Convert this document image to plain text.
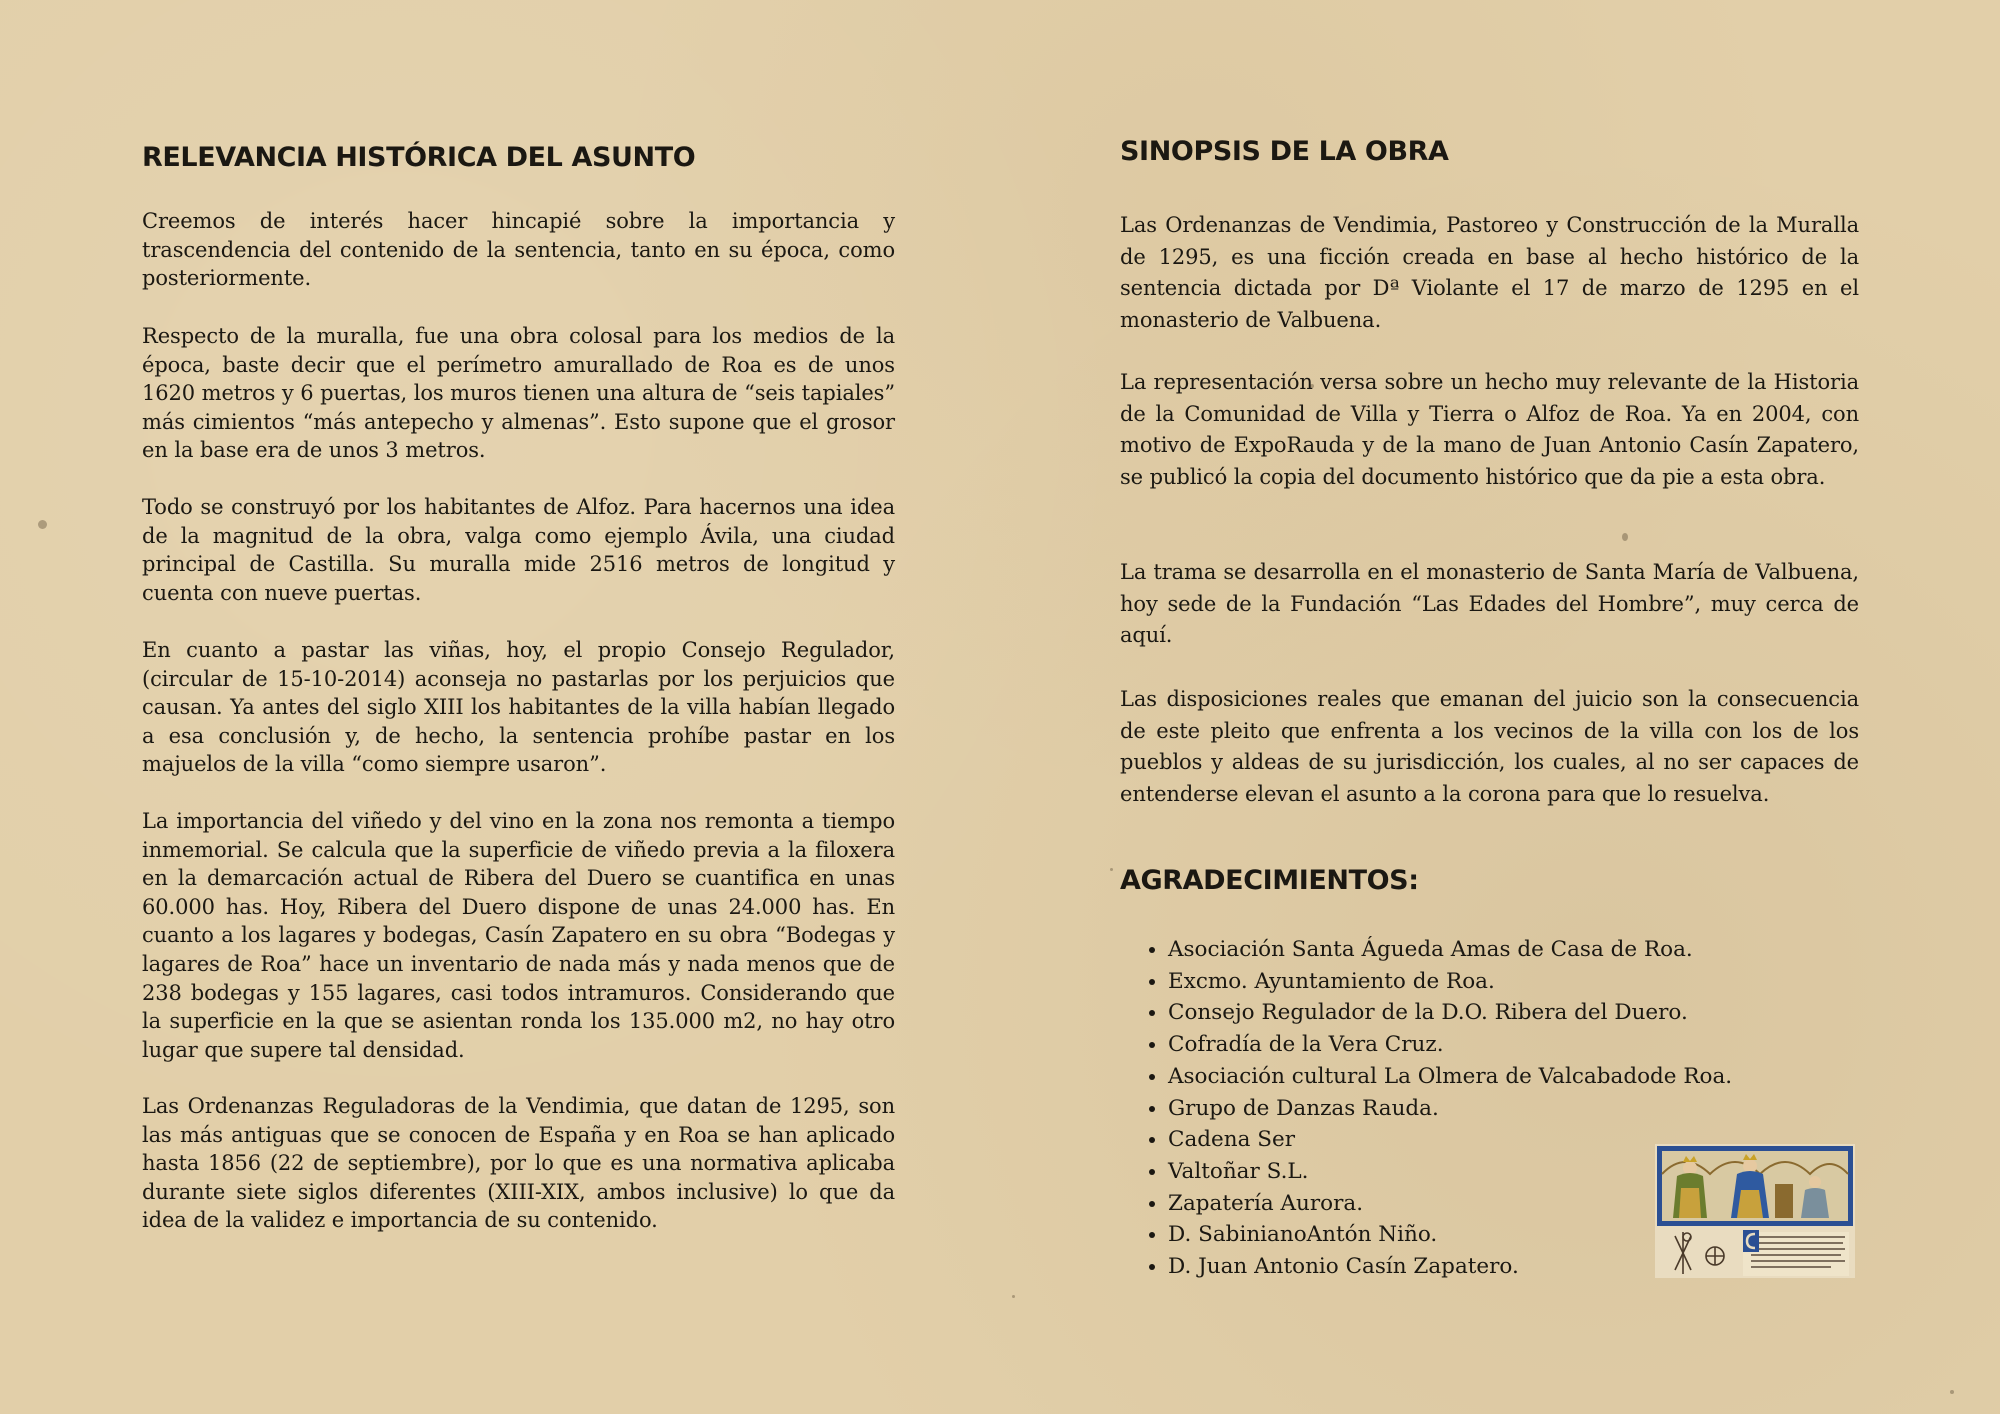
RELEVANCIA HISTÓRICA DEL ASUNTO

Creemos de interés hacer hincapié sobre la importancia y trascendencia del contenido de la sentencia, tanto en su época, como posteriormente.

Respecto de la muralla, fue una obra colosal para los medios de la época, baste decir que el perímetro amurallado de Roa es de unos 1620 metros y 6 puertas, los muros tienen una altura de “seis tapiales” más cimientos “más antepecho y almenas”. Esto supone que el grosor en la base era de unos 3 metros.

Todo se construyó por los habitantes de Alfoz. Para hacernos una idea de la magnitud de la obra, valga como ejemplo Ávila, una ciudad principal de Castilla. Su muralla mide 2516 metros de longitud y cuenta con nueve puertas.

En cuanto a pastar las viñas, hoy, el propio Consejo Regulador, (circular de 15-10-2014) aconseja no pastarlas por los perjuicios que causan. Ya antes del siglo XIII los habitantes de la villa habían llegado a esa conclusión y, de hecho, la sentencia prohíbe pastar en los majuelos de la villa “como siempre usaron”.

La importancia del viñedo y del vino en la zona nos remonta a tiempo inmemorial. Se calcula que la superficie de viñedo previa a la filoxera en la demarcación actual de Ribera del Duero se cuantifica en unas 60.000 has. Hoy, Ribera del Duero dispone de unas 24.000 has. En cuanto a los lagares y bodegas, Casín Zapatero en su obra “Bodegas y lagares de Roa” hace un inventario de nada más y nada menos que de 238 bodegas y 155 lagares, casi todos intramuros. Considerando que la superficie en la que se asientan ronda los 135.000 m2, no hay otro lugar que supere tal densidad.

Las Ordenanzas Reguladoras de la Vendimia, que datan de 1295, son las más antiguas que se conocen de España y en Roa se han aplicado hasta 1856 (22 de septiembre), por lo que es una normativa aplicaba durante siete siglos diferentes (XIII-XIX, ambos inclusive) lo que da idea de la validez e importancia de su contenido.

SINOPSIS DE LA OBRA

Las Ordenanzas de Vendimia, Pastoreo y Construcción de la Muralla de 1295, es una ficción creada en base al hecho histórico de la sentencia dictada por Dª Violante el 17 de marzo de 1295 en el monasterio de Valbuena.

La representación versa sobre un hecho muy relevante de la Historia de la Comunidad de Villa y Tierra o Alfoz de Roa. Ya en 2004, con motivo de ExpoRauda y de la mano de Juan Antonio Casín Zapatero, se publicó la copia del documento histórico que da pie a esta obra.

La trama se desarrolla en el monasterio de Santa María de Valbuena, hoy sede de la Fundación “Las Edades del Hombre”, muy cerca de aquí.

Las disposiciones reales que emanan del juicio son la consecuencia de este pleito que enfrenta a los vecinos de la villa con los de los pueblos y aldeas de su jurisdicción, los cuales, al no ser capaces de entenderse elevan el asunto a la corona para que lo resuelva.

AGRADECIMIENTOS:
• Asociación Santa Águeda Amas de Casa de Roa.
• Excmo. Ayuntamiento de Roa.
• Consejo Regulador de la D.O. Ribera del Duero.
• Cofradía de la Vera Cruz.
• Asociación cultural La Olmera de Valcabadode Roa.
• Grupo de Danzas Rauda.
• Cadena Ser
• Valtoñar S.L.
• Zapatería Aurora.
• D. SabinianoAntón Niño.
• D. Juan Antonio Casín Zapatero.
